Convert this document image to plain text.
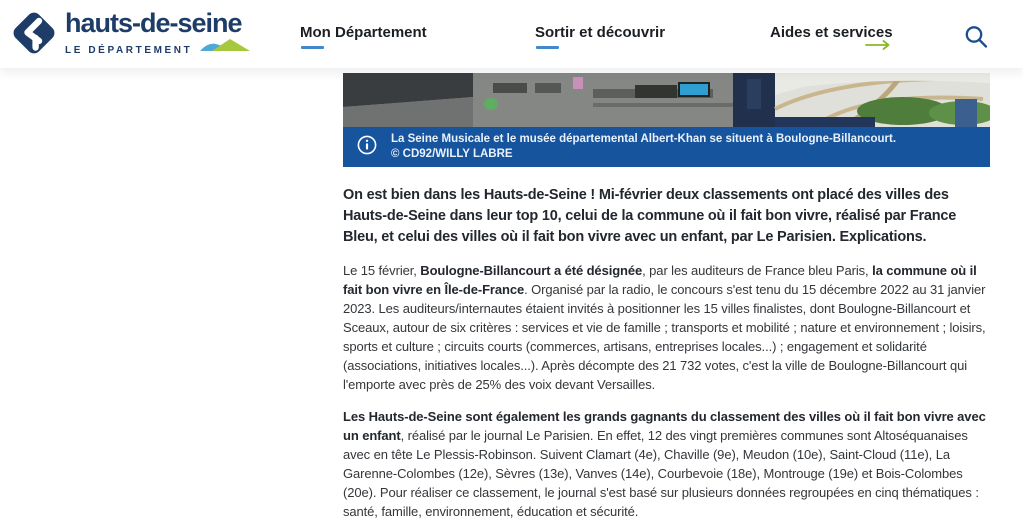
hauts-de-seine
LE DÉPARTEMENT
Mon Département	Sortir et découvrir	Aides et services
La Seine Musicale et le musée départemental Albert-Khan se situent à Boulogne-Billancourt.
© CD92/WILLY LABRE

On est bien dans les Hauts-de-Seine ! Mi-février deux classements ont placé des villes des Hauts-de-Seine dans leur top 10, celui de la commune où il fait bon vivre, réalisé par France Bleu, et celui des villes où il fait bon vivre avec un enfant, par Le Parisien. Explications.

Le 15 février, Boulogne-Billancourt a été désignée, par les auditeurs de France bleu Paris, la commune où il fait bon vivre en Île-de-France. Organisé par la radio, le concours s'est tenu du 15 décembre 2022 au 31 janvier 2023. Les auditeurs/internautes étaient invités à positionner les 15 villes finalistes, dont Boulogne-Billancourt et Sceaux, autour de six critères : services et vie de famille ; transports et mobilité ; nature et environnement ; loisirs, sports et culture ; circuits courts (commerces, artisans, entreprises locales...) ; engagement et solidarité (associations, initiatives locales...). Après décompte des 21 732 votes, c'est la ville de Boulogne-Billancourt qui l'emporte avec près de 25% des voix devant Versailles.

Les Hauts-de-Seine sont également les grands gagnants du classement des villes où il fait bon vivre avec un enfant, réalisé par le journal Le Parisien. En effet, 12 des vingt premières communes sont Altoséquanaises avec en tête Le Plessis-Robinson. Suivent Clamart (4e), Chaville (9e), Meudon (10e), Saint-Cloud (11e), La Garenne-Colombes (12e), Sèvres (13e), Vanves (14e), Courbevoie (18e), Montrouge (19e) et Bois-Colombes (20e). Pour réaliser ce classement, le journal s'est basé sur plusieurs données regroupées en cinq thématiques : santé, famille, environnement, éducation et sécurité.
